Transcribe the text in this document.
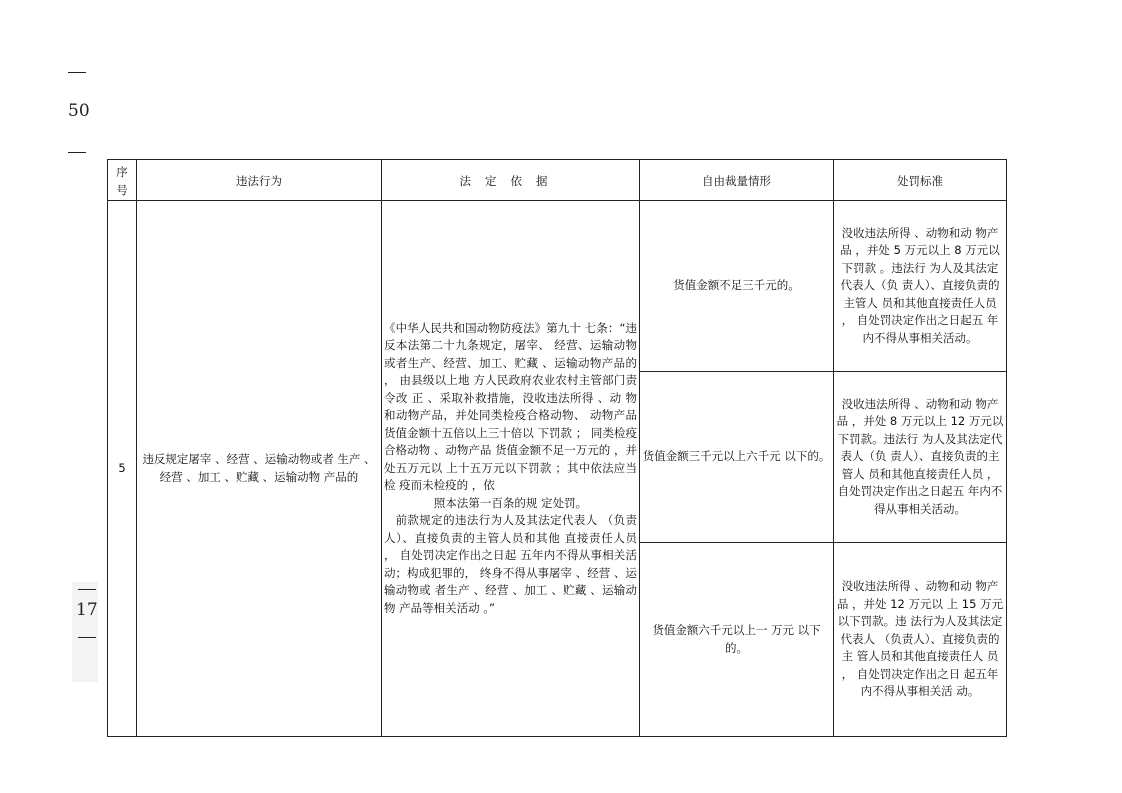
50
17
序号	违法行为	法定依据	自由裁量情形	处罚标准

5	违反规定屠宰 、经营 、运输动物或者 生产 、经营 、加工 、贮藏 、运输动物 产品的	《中华人民共和国动物防疫法》第九十 七条：“违反本法第二十九条规定，屠宰、 经营、运输动物或者生产、经营、加工、贮藏 、运输动物产品的 ， 由县级以上地 方人民政府农业农村主管部门责令改 正 、采取补救措施，没收违法所得 、动 物和动物产品，并处同类检疫合格动物、 动物产品货值金额十五倍以上三十倍以 下罚款 ； 同类检疫合格动物 、动物产品 货值金额不足一万元的 ，并处五万元以 上十五万元以下罚款 ；其中依法应当检 疫而未检疫的 ，依
照本法第一百条的规 定处罚。
前款规定的违法行为人及其法定代表人 （负责人）、直接负责的主管人员和其他 直接责任人员 ， 自处罚决定作出之日起 五年内不得从事相关活动；构成犯罪的， 终身不得从事屠宰 、经营 、运输动物或 者生产 、经营 、加工 、贮藏 、运输动物 产品等相关活动 。”	货值金额不足三千元的。	没收违法所得 、动物和动 物产品 ，并处 5 万元以上 8 万元以下罚款 。违法行 为人及其法定代表人（负 责人）、直接负责的主管人 员和其他直接责任人员 ， 自处罚决定作出之日起五 年内不得从事相关活动。

			货值金额三千元以上六千元 以下的。	没收违法所得 、动物和动 物产品 ，并处 8 万元以上 12 万元以下罚款。违法行 为人及其法定代表人（负 责人）、直接负责的主管人 员和其他直接责任人员 ， 自处罚决定作出之日起五 年内不得从事相关活动。

			货值金额六千元以上一 万元 以下的。	没收违法所得 、动物和动 物产品 ，并处 12 万元以 上 15 万元以下罚款。违 法行为人及其法定代表人 （负责人）、直接负责的主 管人员和其他直接责任人 员 ， 自处罚决定作出之日 起五年内不得从事相关活 动。
